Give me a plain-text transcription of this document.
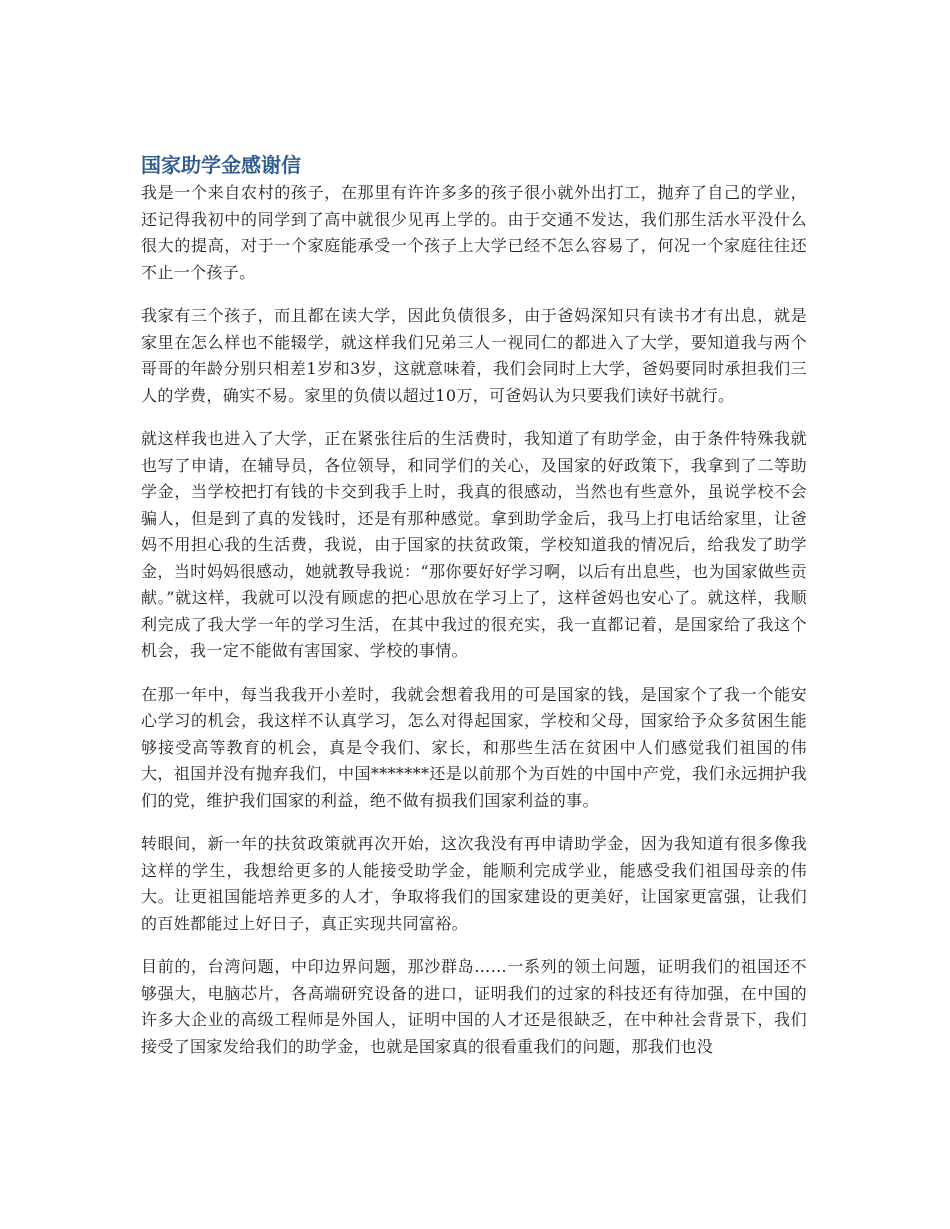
国家助学金感谢信

我是一个来自农村的孩子，在那里有许许多多的孩子很小就外出打工，抛弃了自己的学业，还记得我初中的同学到了高中就很少见再上学的。由于交通不发达，我们那生活水平没什么很大的提高，对于一个家庭能承受一个孩子上大学已经不怎么容易了，何况一个家庭往往还不止一个孩子。

我家有三个孩子，而且都在读大学，因此负债很多，由于爸妈深知只有读书才有出息，就是家里在怎么样也不能辍学，就这样我们兄弟三人一视同仁的都进入了大学，要知道我与两个哥哥的年龄分别只相差1岁和3岁，这就意味着，我们会同时上大学，爸妈要同时承担我们三人的学费，确实不易。家里的负债以超过10万，可爸妈认为只要我们读好书就行。

就这样我也进入了大学，正在紧张往后的生活费时，我知道了有助学金，由于条件特殊我就也写了申请，在辅导员，各位领导，和同学们的关心，及国家的好政策下，我拿到了二等助学金，当学校把打有钱的卡交到我手上时，我真的很感动，当然也有些意外，虽说学校不会骗人，但是到了真的发钱时，还是有那种感觉。拿到助学金后，我马上打电话给家里，让爸妈不用担心我的生活费，我说，由于国家的扶贫政策，学校知道我的情况后，给我发了助学金，当时妈妈很感动，她就教导我说：“那你要好好学习啊，以后有出息些，也为国家做些贡献。”就这样，我就可以没有顾虑的把心思放在学习上了，这样爸妈也安心了。就这样，我顺利完成了我大学一年的学习生活，在其中我过的很充实，我一直都记着，是国家给了我这个机会，我一定不能做有害国家、学校的事情。

在那一年中，每当我我开小差时，我就会想着我用的可是国家的钱，是国家个了我一个能安心学习的机会，我这样不认真学习，怎么对得起国家，学校和父母，国家给予众多贫困生能够接受高等教育的机会，真是令我们、家长，和那些生活在贫困中人们感觉我们祖国的伟大，祖国并没有抛弃我们，中国*******还是以前那个为百姓的中国中产党，我们永远拥护我们的党，维护我们国家的利益，绝不做有损我们国家利益的事。

转眼间，新一年的扶贫政策就再次开始，这次我没有再申请助学金，因为我知道有很多像我这样的学生，我想给更多的人能接受助学金，能顺利完成学业，能感受我们祖国母亲的伟大。让更祖国能培养更多的人才，争取将我们的国家建设的更美好，让国家更富强，让我们的百姓都能过上好日子，真正实现共同富裕。

目前的，台湾问题，中印边界问题，那沙群岛……一系列的领土问题，证明我们的祖国还不够强大，电脑芯片，各高端研究设备的进口，证明我们的过家的科技还有待加强，在中国的许多大企业的高级工程师是外国人，证明中国的人才还是很缺乏，在中种社会背景下，我们接受了国家发给我们的助学金，也就是国家真的很看重我们的问题，那我们也没
